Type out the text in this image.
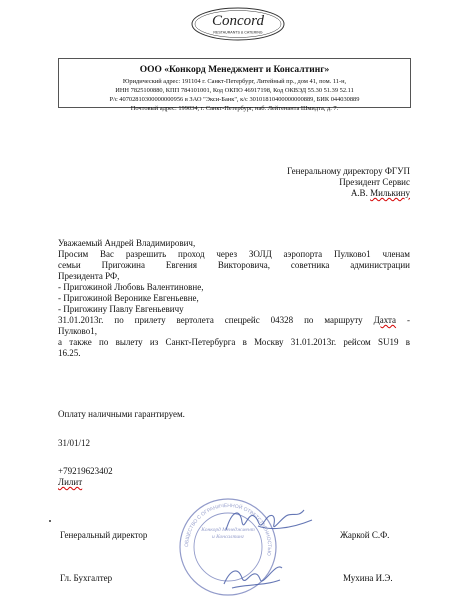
Concord
RESTAURANTS & CATERING
ООО «Конкорд Менеджмент и Консалтинг»
Юридический адрес: 191104 г. Санкт-Петербург, Литейный пр., дом 41, пом. 11-н,
ИНН 7825100880, КПП 784101001, Код ОКПО 46917198, Код ОКВЭД 55.30 51.39 52.11
Р/с 40702810300000000956 в ЗАО "Экси-Банк", к/с 30101810400000000889, БИК 044030889
Почтовый адрес: 199034, г. Санкт-Петербург, наб. Лейтенанта Шмидта, д. 7.
Генеральному директору ФГУП
Президент Сервис
А.В. Милькину
Уважаемый Андрей Владимирович,
Просим Вас разрешить проход через ЗОЛД аэропорта Пулково1 членам
семьи Пригожина Евгения Викторовича, советника администрации
Президента РФ,
- Пригожиной Любовь Валентиновне,
- Пригожиной Веронике Евгеньевне,
- Пригожину Павлу Евгеньевичу
31.01.2013г. по прилету вертолета спецрейс 04328 по маршруту Дахта -
Пулково1,
а также по вылету из Санкт-Петербурга в Москву 31.01.2013г. рейсом SU19 в
16.25.
Оплату наличными гарантируем.
31/01/12
+79219623402
Лилит
Генеральный директор	Жаркой С.Ф.
Гл. Бухгалтер	Мухина И.Э.
ОБЩЕСТВО С ОГРАНИЧЕННОЙ ОТВЕТСТВЕННОСТЬЮ
Конкорд Менеджмент и Консалтинг
